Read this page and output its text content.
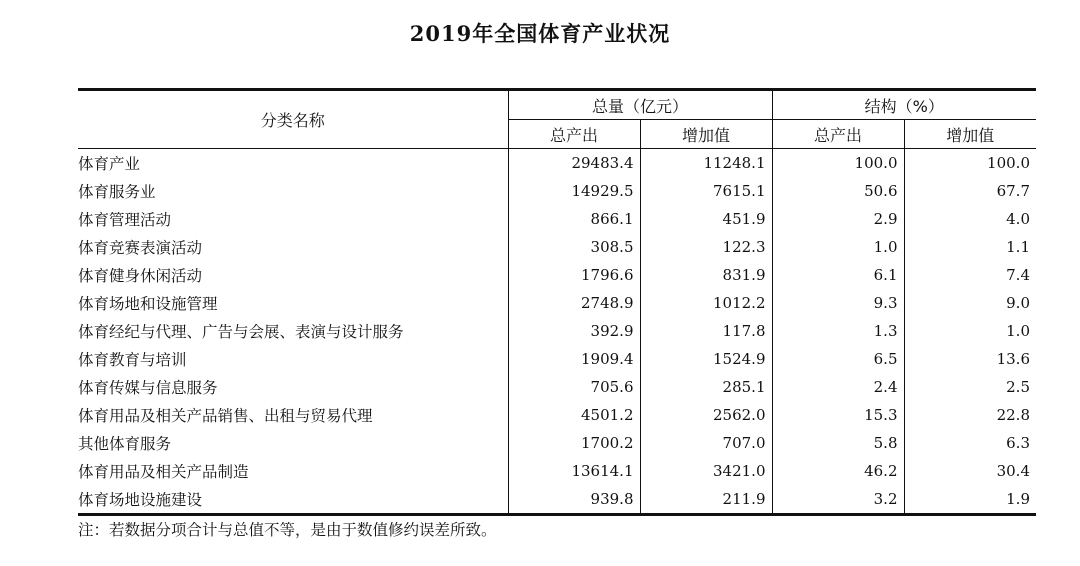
2019年全国体育产业状况
分类名称	总量（亿元）		结构（%）	
	总产出	增加值	总产出	增加值
体育产业	29483.4	11248.1	100.0	100.0
体育服务业	14929.5	7615.1	50.6	67.7
体育管理活动	866.1	451.9	2.9	4.0
体育竞赛表演活动	308.5	122.3	1.0	1.1
体育健身休闲活动	1796.6	831.9	6.1	7.4
体育场地和设施管理	2748.9	1012.2	9.3	9.0
体育经纪与代理、广告与会展、表演与设计服务	392.9	117.8	1.3	1.0
体育教育与培训	1909.4	1524.9	6.5	13.6
体育传媒与信息服务	705.6	285.1	2.4	2.5
体育用品及相关产品销售、出租与贸易代理	4501.2	2562.0	15.3	22.8
其他体育服务	1700.2	707.0	5.8	6.3
体育用品及相关产品制造	13614.1	3421.0	46.2	30.4
体育场地设施建设	939.8	211.9	3.2	1.9
注：若数据分项合计与总值不等，是由于数值修约误差所致。
